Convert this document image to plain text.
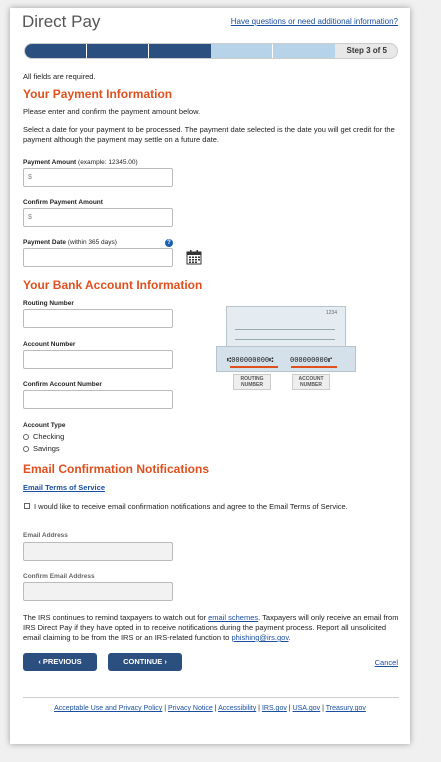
Direct Pay	Have questions or need additional information?
Step 3 of 5
All fields are required.
Your Payment Information
Please enter and confirm the payment amount below.
Select a date for your payment to be processed. The payment date selected is the date you will get credit for the payment although the payment may settle on a future date.
Payment Amount (example: 12345.00)
$
Confirm Payment Amount
$
Payment Date (within 365 days)	?
Your Bank Account Information
Routing Number
Account Number
Confirm Account Number
1234
⑆000000000⑆ 000000000⑈
ROUTING NUMBER
ACCOUNT NUMBER
Account Type
Checking
Savings
Email Confirmation Notifications
Email Terms of Service
I would like to receive email confirmation notifications and agree to the Email Terms of Service.
Email Address
Confirm Email Address
The IRS continues to remind taxpayers to watch out for email schemes. Taxpayers will only receive an email from IRS Direct Pay if they have opted in to receive notifications during the payment process. Report all unsolicited email claiming to be from the IRS or an IRS-related function to phishing@irs.gov.
‹ PREVIOUS	CONTINUE ›	Cancel
Acceptable Use and Privacy Policy | Privacy Notice | Accessibility | IRS.gov | USA.gov | Treasury.gov
